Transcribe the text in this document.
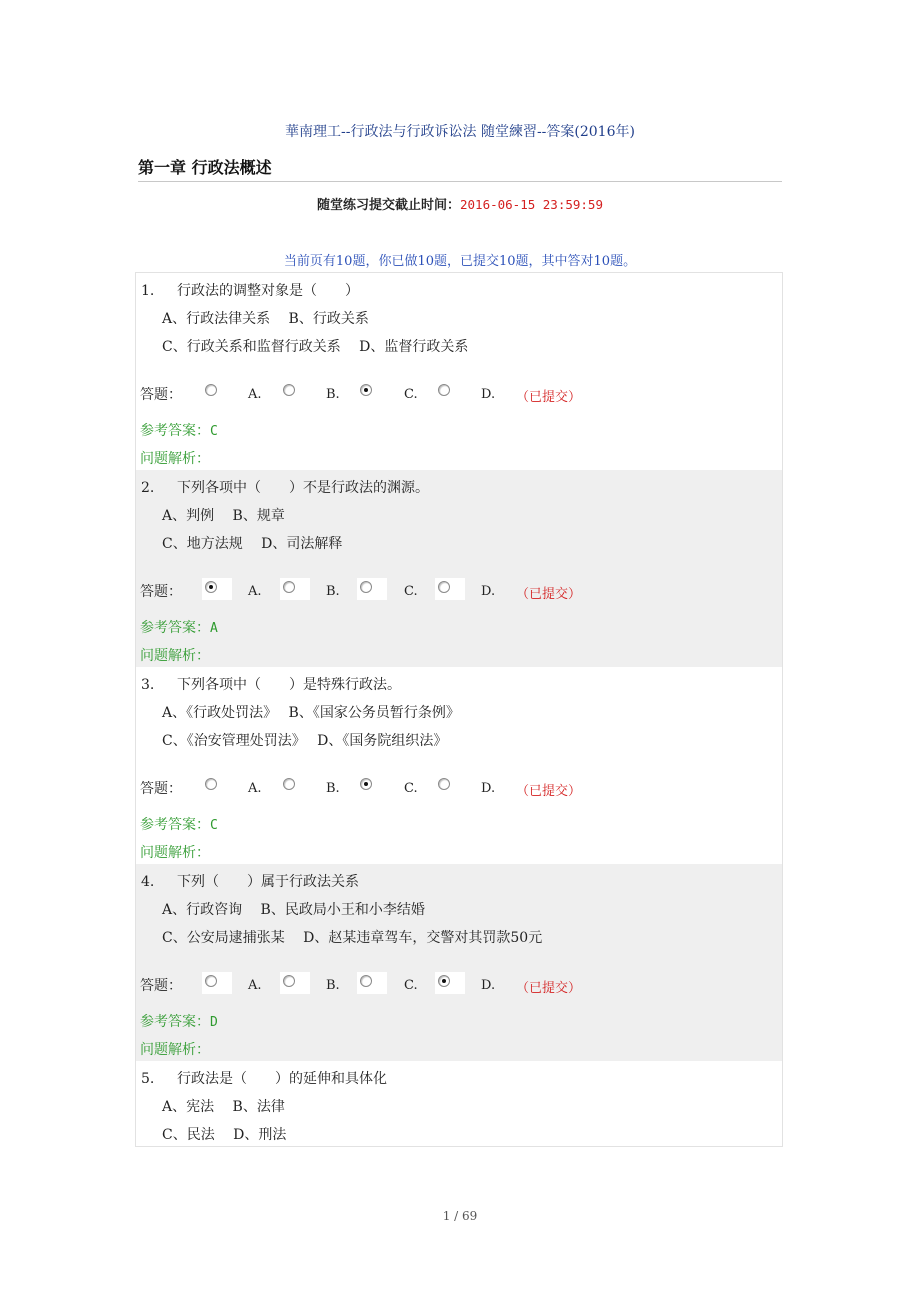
華南理工--行政法与行政诉讼法 随堂練習--答案(2016年)
第一章 行政法概述
随堂练习提交截止时间：2016-06-15 23:59:59
当前页有10题，你已做10题，已提交10题，其中答对10题。
1. 行政法的调整对象是（　　）
A、行政法律关系　 B、行政关系
C、行政关系和监督行政关系　 D、监督行政关系
答题：	A.	B.	C.	D. （已提交）
参考答案：C
问题解析：
2. 下列各项中（　　）不是行政法的渊源。
A、判例　 B、规章
C、地方法规　 D、司法解释
答题：	A.	B.	C.	D. （已提交）
参考答案：A
问题解析：
3. 下列各项中（　　）是特殊行政法。
A、《行政处罚法》　 B、《国家公务员暂行条例》
C、《治安管理处罚法》　 D、《国务院组织法》
答题：	A.	B.	C.	D. （已提交）
参考答案：C
问题解析：
4. 下列（　　）属于行政法关系
A、行政咨询　 B、民政局小王和小李结婚
C、公安局逮捕张某　 D、赵某违章驾车，交警对其罚款50元
答题：	A.	B.	C.	D. （已提交）
参考答案：D
问题解析：
5. 行政法是（　　）的延伸和具体化
A、宪法　 B、法律
C、民法　 D、刑法
1 / 69
